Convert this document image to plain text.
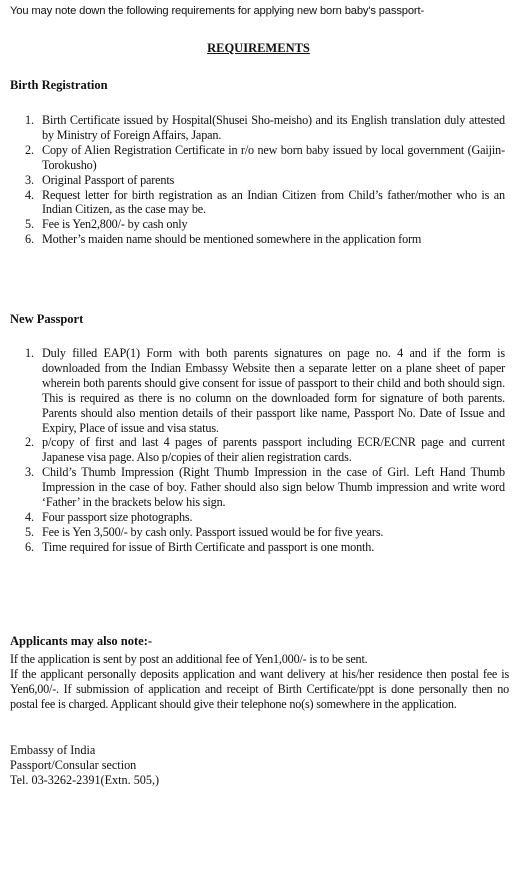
You may note down the following requirements for applying new born baby's passport-
REQUIREMENTS
Birth Registration
1. Birth Certificate issued by Hospital(Shusei Sho-meisho) and its English translation duly attested by Ministry of Foreign Affairs, Japan.
2. Copy of Alien Registration Certificate in r/o new born baby issued by local government (Gaijin-Torokusho)
3. Original Passport of parents
4. Request letter for birth registration as an Indian Citizen from Child’s father/mother who is an Indian Citizen, as the case may be.
5. Fee is Yen2,800/- by cash only
6. Mother’s maiden name should be mentioned somewhere in the application form
New Passport
1. Duly filled EAP(1) Form with both parents signatures on page no. 4 and if the form is downloaded from the Indian Embassy Website then a separate letter on a plane sheet of paper wherein both parents should give consent for issue of passport to their child and both should sign. This is required as there is no column on the downloaded form for signature of both parents. Parents should also mention details of their passport like name, Passport No. Date of Issue and Expiry, Place of issue and visa status.
2. p/copy of first and last 4 pages of parents passport including ECR/ECNR page and current Japanese visa page. Also p/copies of their alien registration cards.
3. Child’s Thumb Impression (Right Thumb Impression in the case of Girl. Left Hand Thumb Impression in the case of boy. Father should also sign below Thumb impression and write word ‘Father’ in the brackets below his sign.
4. Four passport size photographs.
5. Fee is Yen 3,500/- by cash only. Passport issued would be for five years.
6. Time required for issue of Birth Certificate and passport is one month.
Applicants may also note:-

If the application is sent by post an additional fee of Yen1,000/- is to be sent.

If the applicant personally deposits application and want delivery at his/her residence then postal fee is Yen6,00/-. If submission of application and receipt of Birth Certificate/ppt is done personally then no postal fee is charged. Applicant should give their telephone no(s) somewhere in the application.

Embassy of India
Passport/Consular section
Tel. 03-3262-2391(Extn. 505,)
